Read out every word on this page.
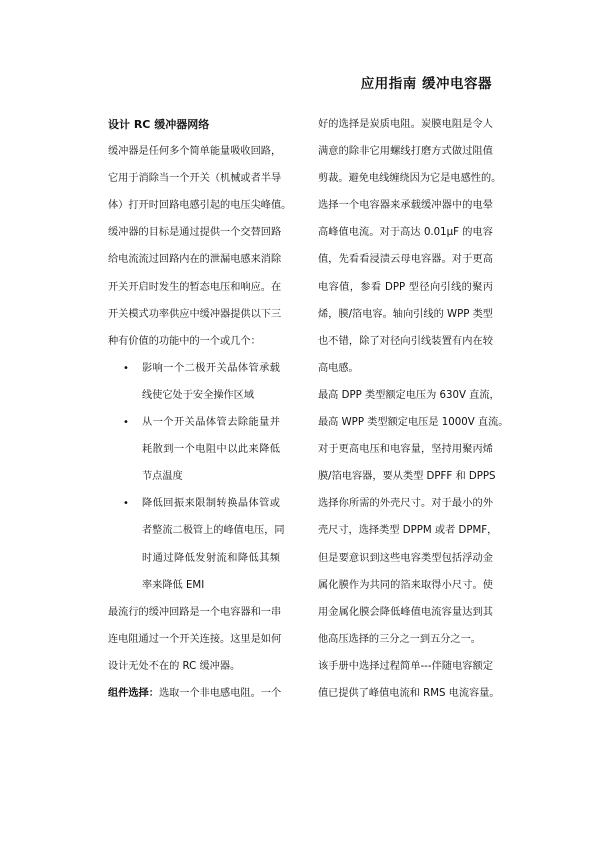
应用指南 缓冲电容器
设计 RC 缓冲器网络
缓冲器是任何多个简单能量吸收回路，
它用于消除当一个开关（机械或者半导
体）打开时回路电感引起的电压尖峰值。
缓冲器的目标是通过提供一个交替回路
给电流流过回路内在的泄漏电感来消除
开关开启时发生的暂态电压和响应。在
开关模式功率供应中缓冲器提供以下三
种有价值的功能中的一个或几个：
• 影响一个二极开关晶体管承载
线使它处于安全操作区域
• 从一个开关晶体管去除能量并
耗散到一个电阻中以此来降低
节点温度
• 降低回振来限制转换晶体管或
者整流二极管上的峰值电压，同
时通过降低发射流和降低其频
率来降低 EMI
最流行的缓冲回路是一个电容器和一串
连电阻通过一个开关连接。这里是如何
设计无处不在的 RC 缓冲器。
组件选择：选取一个非电感电阻。一个
好的选择是炭质电阻。炭膜电阻是令人
满意的除非它用螺线打磨方式做过阻值
剪裁。避免电线缠绕因为它是电感性的。
选择一个电容器来承载缓冲器中的电晕
高峰值电流。对于高达 0.01μF 的电容
值，先看看浸渍云母电容器。对于更高
电容值，参看 DPP 型径向引线的聚丙
烯，膜/箔电容。轴向引线的 WPP 类型
也不错，除了对径向引线装置有内在较
高电感。
最高 DPP 类型额定电压为 630V 直流，
最高 WPP 类型额定电压是 1000V 直流。
对于更高电压和电容量，坚持用聚丙烯
膜/箔电容器，要从类型 DPFF 和 DPPS
选择你所需的外壳尺寸。对于最小的外
壳尺寸，选择类型 DPPM 或者 DPMF，
但是要意识到这些电容类型包括浮动金
属化膜作为共同的箔来取得小尺寸。使
用金属化膜会降低峰值电流容量达到其
他高压选择的三分之一到五分之一。
该手册中选择过程简单---伴随电容额定
值已提供了峰值电流和 RMS 电流容量。
